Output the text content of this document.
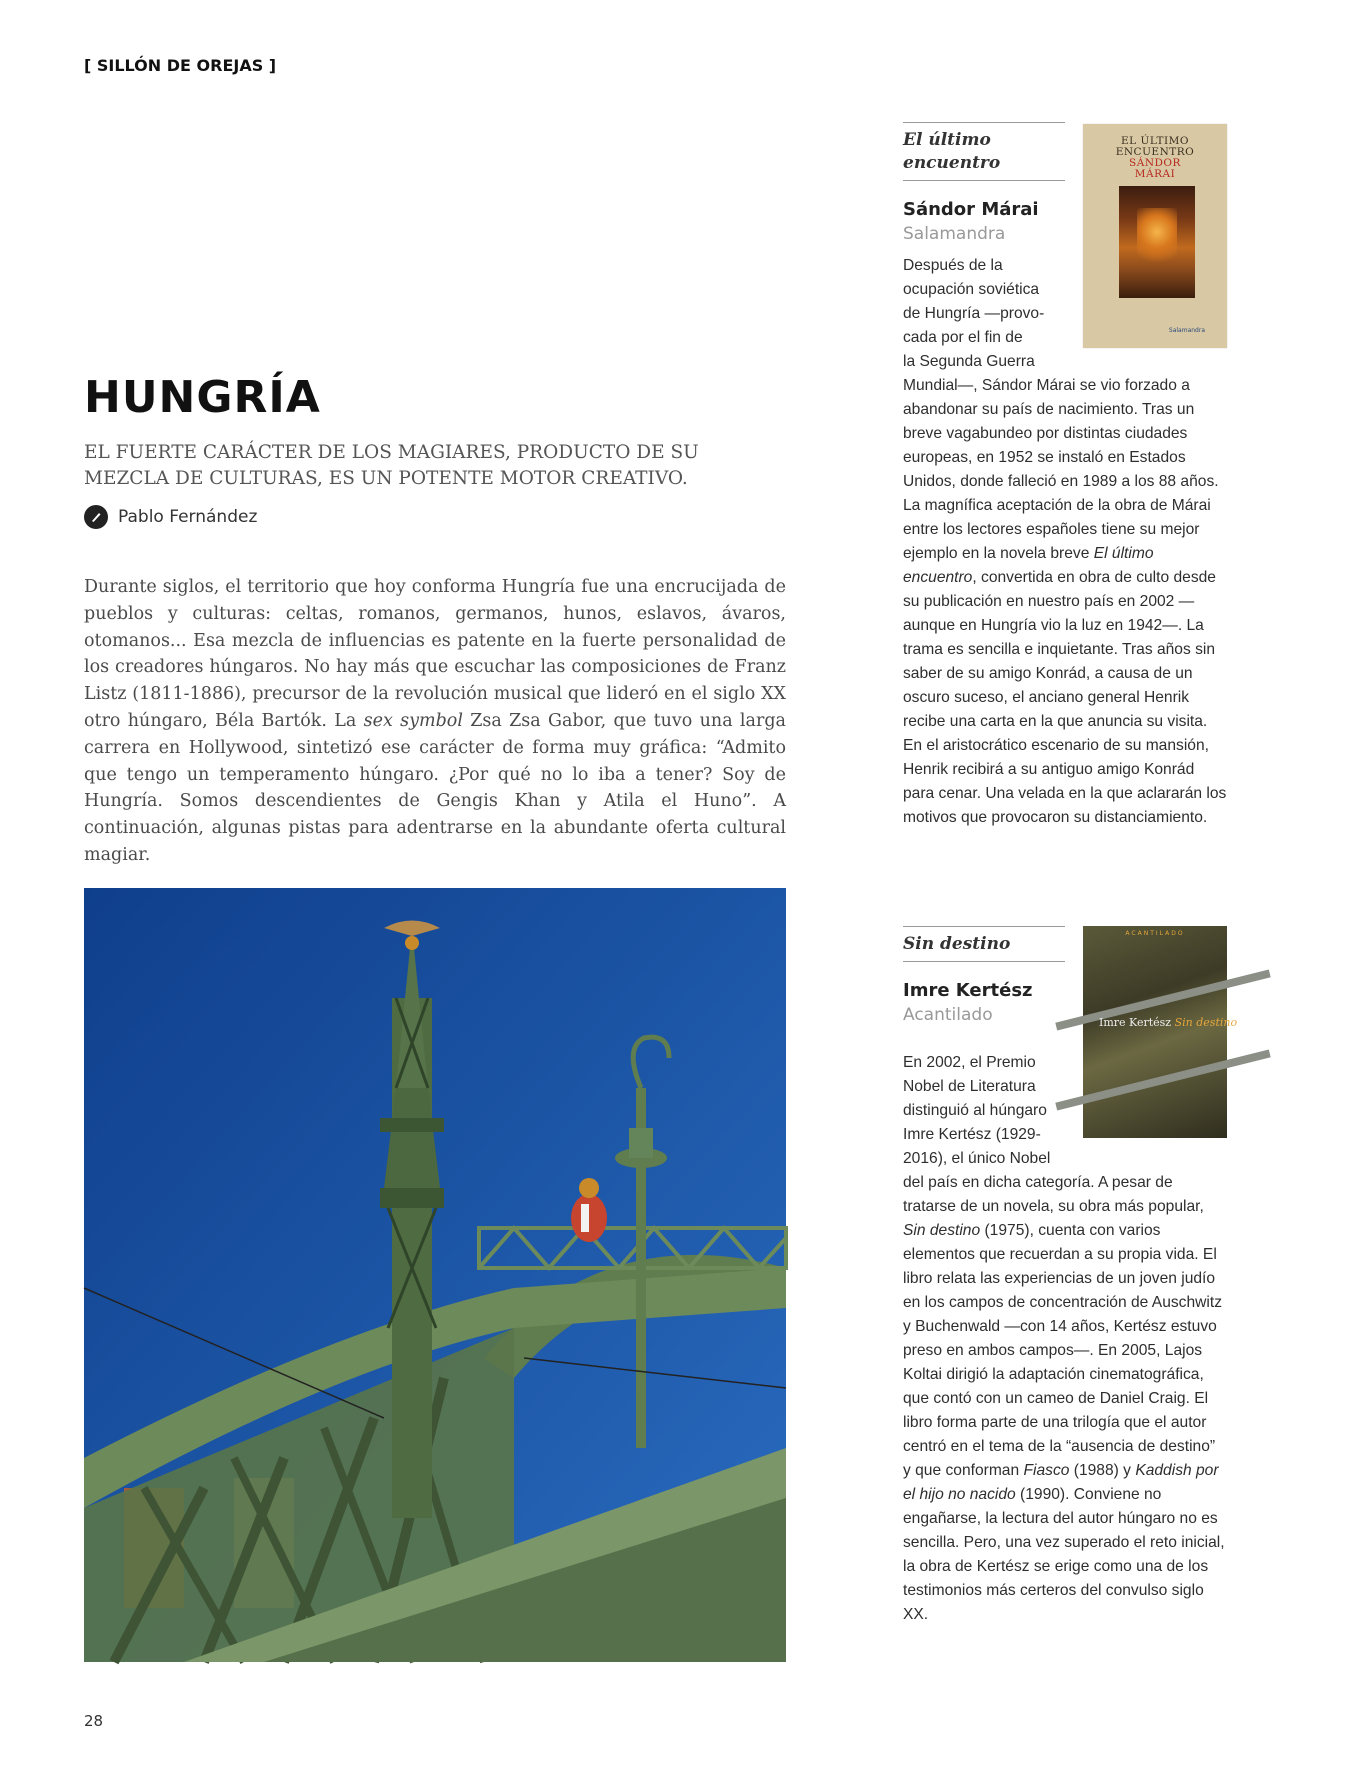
[ SILLÓN DE OREJAS ]
HUNGRÍA
EL FUERTE CARÁCTER DE LOS MAGIARES, PRODUCTO DE SU MEZCLA DE CULTURAS, ES UN POTENTE MOTOR CREATIVO.
Pablo Fernández

Durante siglos, el territorio que hoy conforma Hungría fue una encrucijada de pueblos y culturas: celtas, romanos, germanos, hunos, eslavos, ávaros, otomanos... Esa mezcla de influencias es patente en la fuerte personalidad de los creadores húngaros. No hay más que escuchar las composiciones de Franz Listz (1811-1886), precursor de la revolución musical que lideró en el siglo XX otro húngaro, Béla Bartók. La sex symbol Zsa Zsa Gabor, que tuvo una larga carrera en Hollywood, sintetizó ese carácter de forma muy gráfica: “Admito que tengo un temperamento húngaro. ¿Por qué no lo iba a tener? Soy de Hungría. Somos descendientes de Gengis Khan y Atila el Huno”. A continuación, algunas pistas para adentrarse en la abundante oferta cultural magiar.

28
El último
encuentro
Sándor Márai
Salamandra
Después de la
ocupación soviética
de Hungría —provo-
cada por el fin de
la Segunda Guerra

Mundial—, Sándor Márai se vio forzado a abandonar su país de nacimiento. Tras un breve vagabundeo por distintas ciudades europeas, en 1952 se instaló en Estados Unidos, donde falleció en 1989 a los 88 años. La magnífica aceptación de la obra de Márai entre los lectores españoles tiene su mejor ejemplo en la novela breve El último encuentro, convertida en obra de culto desde su publicación en nuestro país en 2002 —aunque en Hungría vio la luz en 1942—. La trama es sencilla e inquietante. Tras años sin saber de su amigo Konrád, a causa de un oscuro suceso, el anciano general Henrik recibe una carta en la que anuncia su visita. En el aristocrático escenario de su mansión, Henrik recibirá a su antiguo amigo Konrád para cenar. Una velada en la que aclararán los motivos que provocaron su distanciamiento.

EL ÚLTIMO
ENCUENTRO
SÁNDOR
MÁRAI
Salamandra
Sin destino
Imre Kertész
Acantilado
En 2002, el Premio
Nobel de Literatura
distinguió al húngaro
Imre Kertész (1929-
2016), el único Nobel

del país en dicha categoría. A pesar de tratarse de un novela, su obra más popular, Sin destino (1975), cuenta con varios elementos que recuerdan a su propia vida. El libro relata las experiencias de un joven judío en los campos de concentración de Auschwitz y Buchenwald —con 14 años, Kertész estuvo preso en ambos campos—. En 2005, Lajos Koltai dirigió la adaptación cinematográfica, que contó con un cameo de Daniel Craig. El libro forma parte de una trilogía que el autor centró en el tema de la “ausencia de destino” y que conforman Fiasco (1988) y Kaddish por el hijo no nacido (1990). Conviene no engañarse, la lectura del autor húngaro no es sencilla. Pero, una vez superado el reto inicial, la obra de Kertész se erige como una de los testimonios más certeros del convulso siglo XX.

ACANTILADO
Imre Kertész Sin destino
